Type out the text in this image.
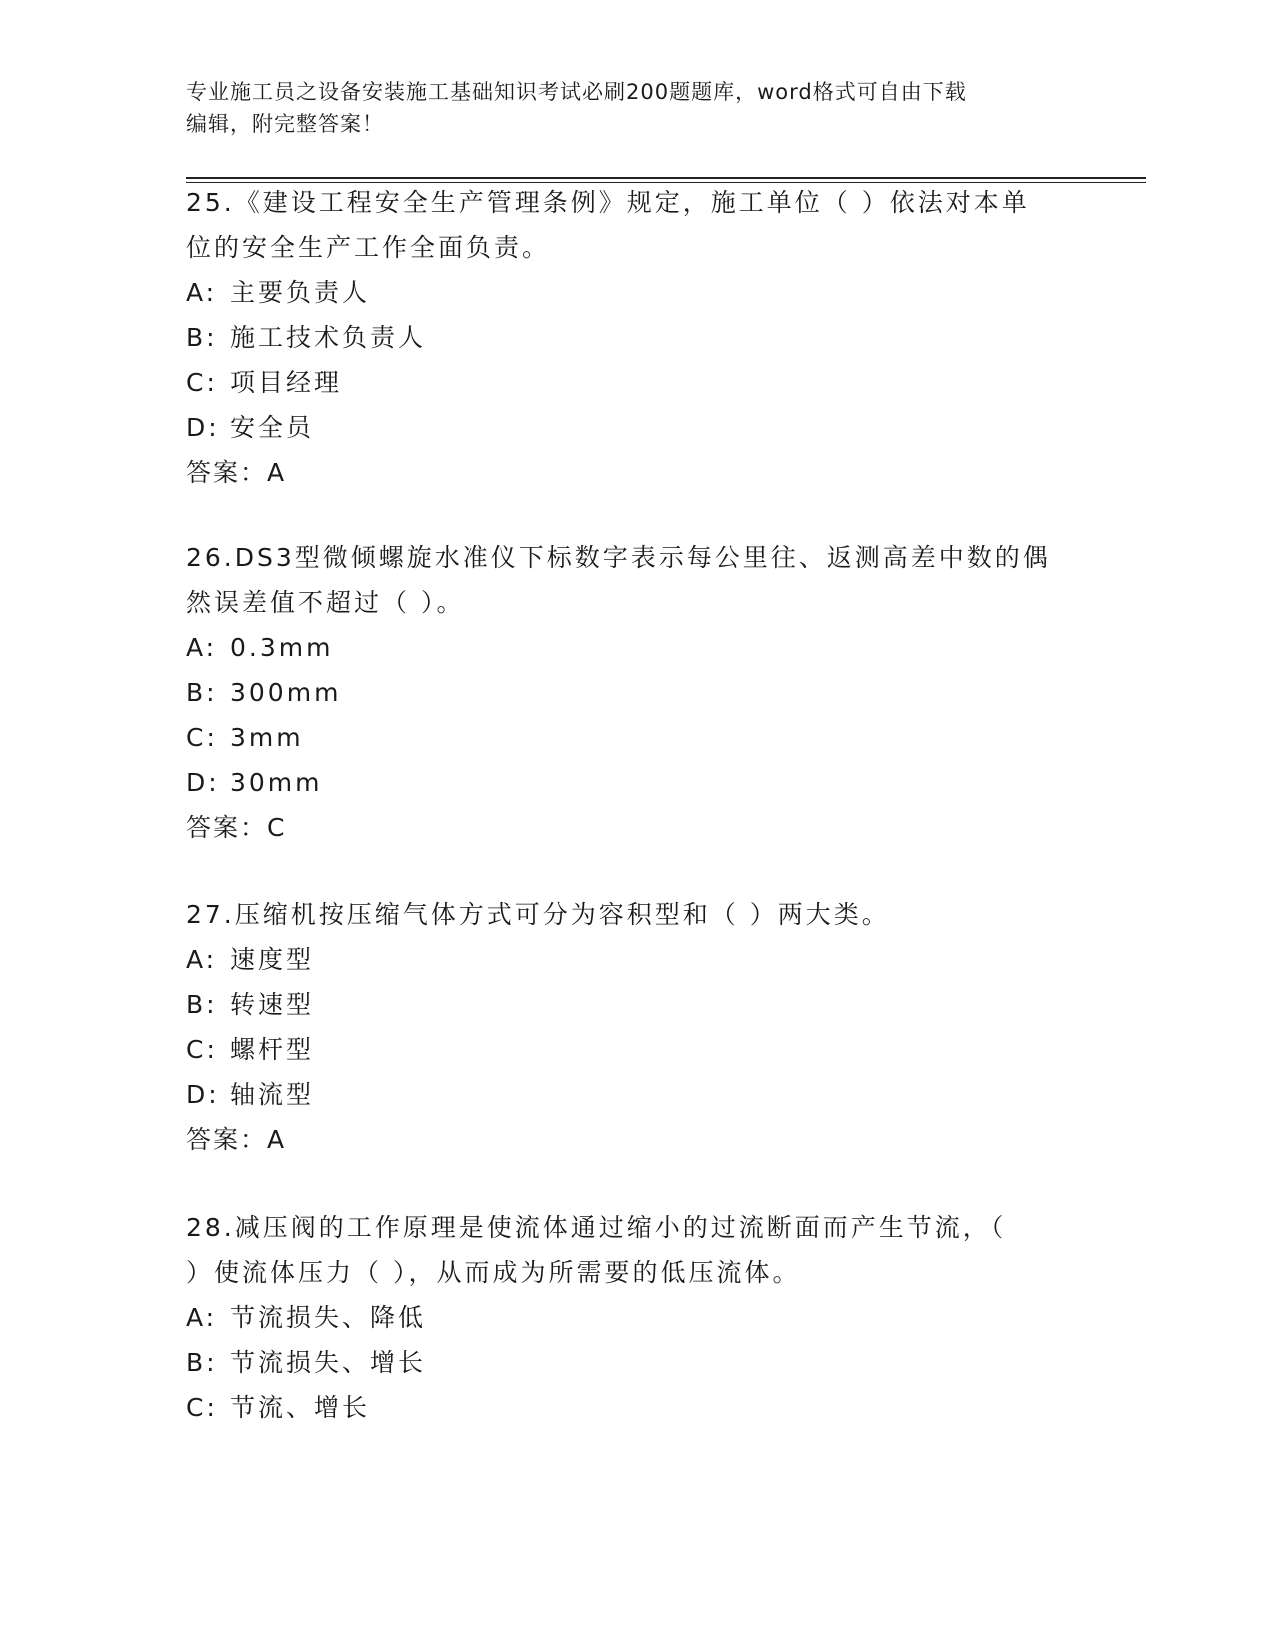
专业施工员之设备安装施工基础知识考试必刷200题题库，word格式可自由下载
编辑，附完整答案！
25.《建设工程安全生产管理条例》规定，施工单位（ ）依法对本单
位的安全生产工作全面负责。
A: 主要负责人
B: 施工技术负责人
C: 项目经理
D: 安全员
答案：A
26.DS3型微倾螺旋水准仪下标数字表示每公里往、返测高差中数的偶
然误差值不超过（ ）。
A: 0.3mm
B: 300mm
C: 3mm
D: 30mm
答案：C
27.压缩机按压缩气体方式可分为容积型和（ ）两大类。
A: 速度型
B: 转速型
C: 螺杆型
D: 轴流型
答案：A
28.减压阀的工作原理是使流体通过缩小的过流断面而产生节流，（
）使流体压力（ ），从而成为所需要的低压流体。
A: 节流损失、降低
B: 节流损失、增长
C: 节流、增长
